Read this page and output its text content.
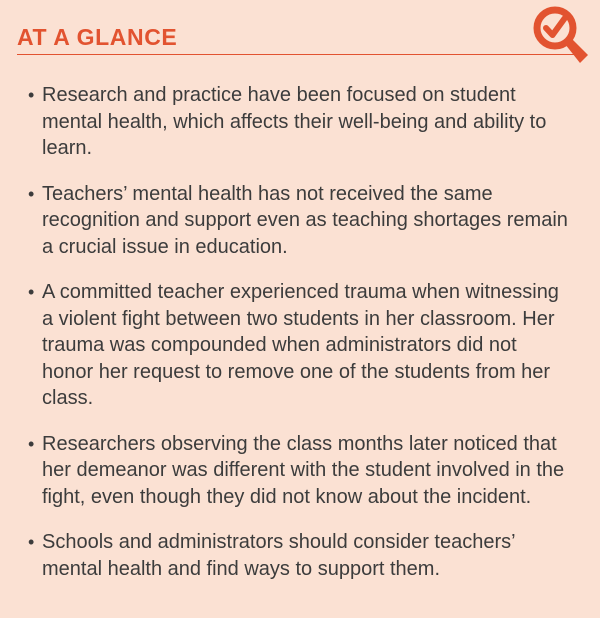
AT A GLANCE
• Research and practice have been focused on student mental health, which affects their well-being and ability to learn.
• Teachers’ mental health has not received the same recognition and support even as teaching shortages remain a crucial issue in education.
• A committed teacher experienced trauma when witnessing a violent fight between two students in her classroom. Her trauma was compounded when administrators did not honor her request to remove one of the students from her class.
• Researchers observing the class months later noticed that her demeanor was different with the student involved in the fight, even though they did not know about the incident.
• Schools and administrators should consider teachers’ mental health and find ways to support them.
